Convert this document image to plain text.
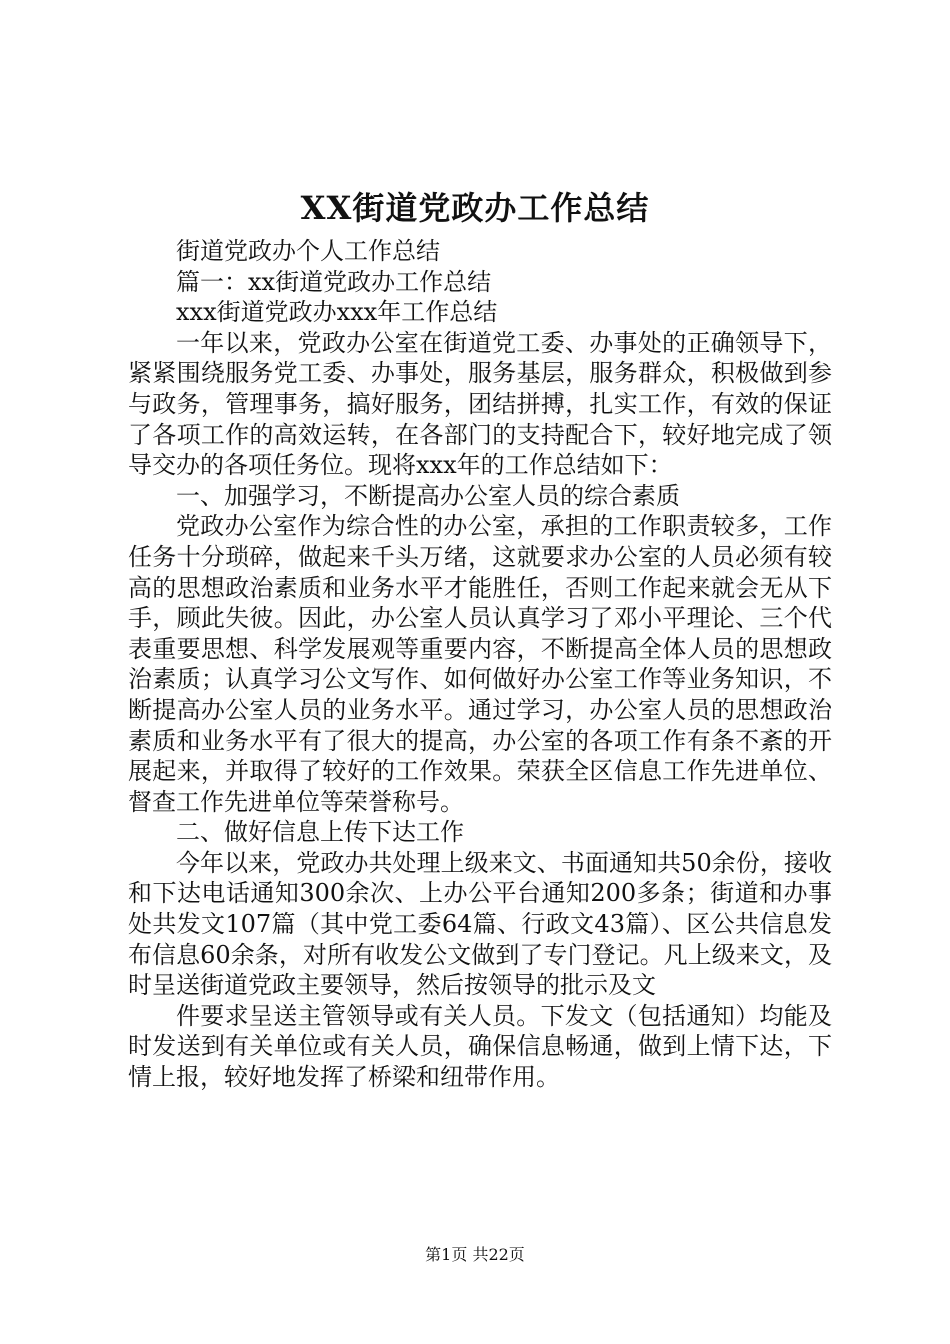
XX街道党政办工作总结

街道党政办个人工作总结

篇一：xx街道党政办工作总结

xxx街道党政办xxx年工作总结

一年以来，党政办公室在街道党工委、办事处的正确领导下，紧紧围绕服务党工委、办事处，服务基层，服务群众，积极做到参与政务，管理事务，搞好服务，团结拼搏，扎实工作，有效的保证了各项工作的高效运转，在各部门的支持配合下，较好地完成了领导交办的各项任务位。现将xxx年的工作总结如下：

一、加强学习，不断提高办公室人员的综合素质

党政办公室作为综合性的办公室，承担的工作职责较多，工作任务十分琐碎，做起来千头万绪，这就要求办公室的人员必须有较高的思想政治素质和业务水平才能胜任，否则工作起来就会无从下手，顾此失彼。因此，办公室人员认真学习了邓小平理论、三个代表重要思想、科学发展观等重要内容，不断提高全体人员的思想政治素质；认真学习公文写作、如何做好办公室工作等业务知识，不断提高办公室人员的业务水平。通过学习，办公室人员的思想政治素质和业务水平有了很大的提高，办公室的各项工作有条不紊的开展起来，并取得了较好的工作效果。荣获全区信息工作先进单位、督查工作先进单位等荣誉称号。

二、做好信息上传下达工作

今年以来，党政办共处理上级来文、书面通知共50余份，接收和下达电话通知300余次、上办公平台通知200多条；街道和办事处共发文107篇（其中党工委64篇、行政文43篇）、区公共信息发布信息60余条，对所有收发公文做到了专门登记。凡上级来文，及时呈送街道党政主要领导，然后按领导的批示及文

件要求呈送主管领导或有关人员。下发文（包括通知）均能及时发送到有关单位或有关人员，确保信息畅通，做到上情下达，下情上报，较好地发挥了桥梁和纽带作用。

第1页 共22页
